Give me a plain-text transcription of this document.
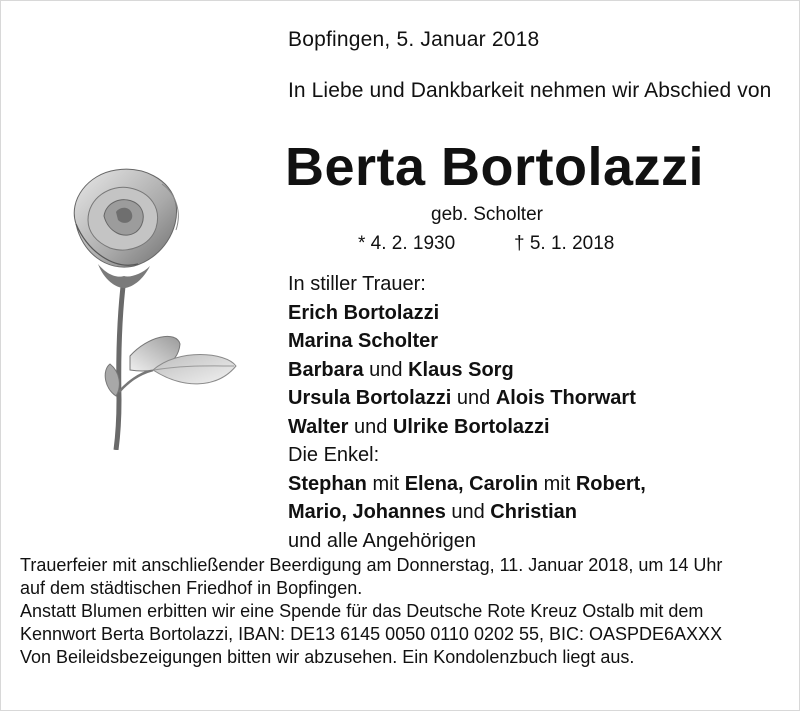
Bopfingen, 5. Januar 2018
In Liebe und Dankbarkeit nehmen wir Abschied von
Berta Bortolazzi
geb. Scholter
* 4. 2. 1930	† 5. 1. 2018
In stiller Trauer:
Erich Bortolazzi
Marina Scholter
Barbara und Klaus Sorg
Ursula Bortolazzi und Alois Thorwart
Walter und Ulrike Bortolazzi
Die Enkel:
Stephan mit Elena, Carolin mit Robert,
Mario, Johannes und Christian
und alle Angehörigen
Trauerfeier mit anschließender Beerdigung am Donnerstag, 11. Januar 2018, um 14 Uhr
auf dem städtischen Friedhof in Bopfingen.
Anstatt Blumen erbitten wir eine Spende für das Deutsche Rote Kreuz Ostalb mit dem
Kennwort Berta Bortolazzi, IBAN: DE13 6145 0050 0110 0202 55, BIC: OASPDE6AXXX
Von Beileidsbezeigungen bitten wir abzusehen. Ein Kondolenzbuch liegt aus.
